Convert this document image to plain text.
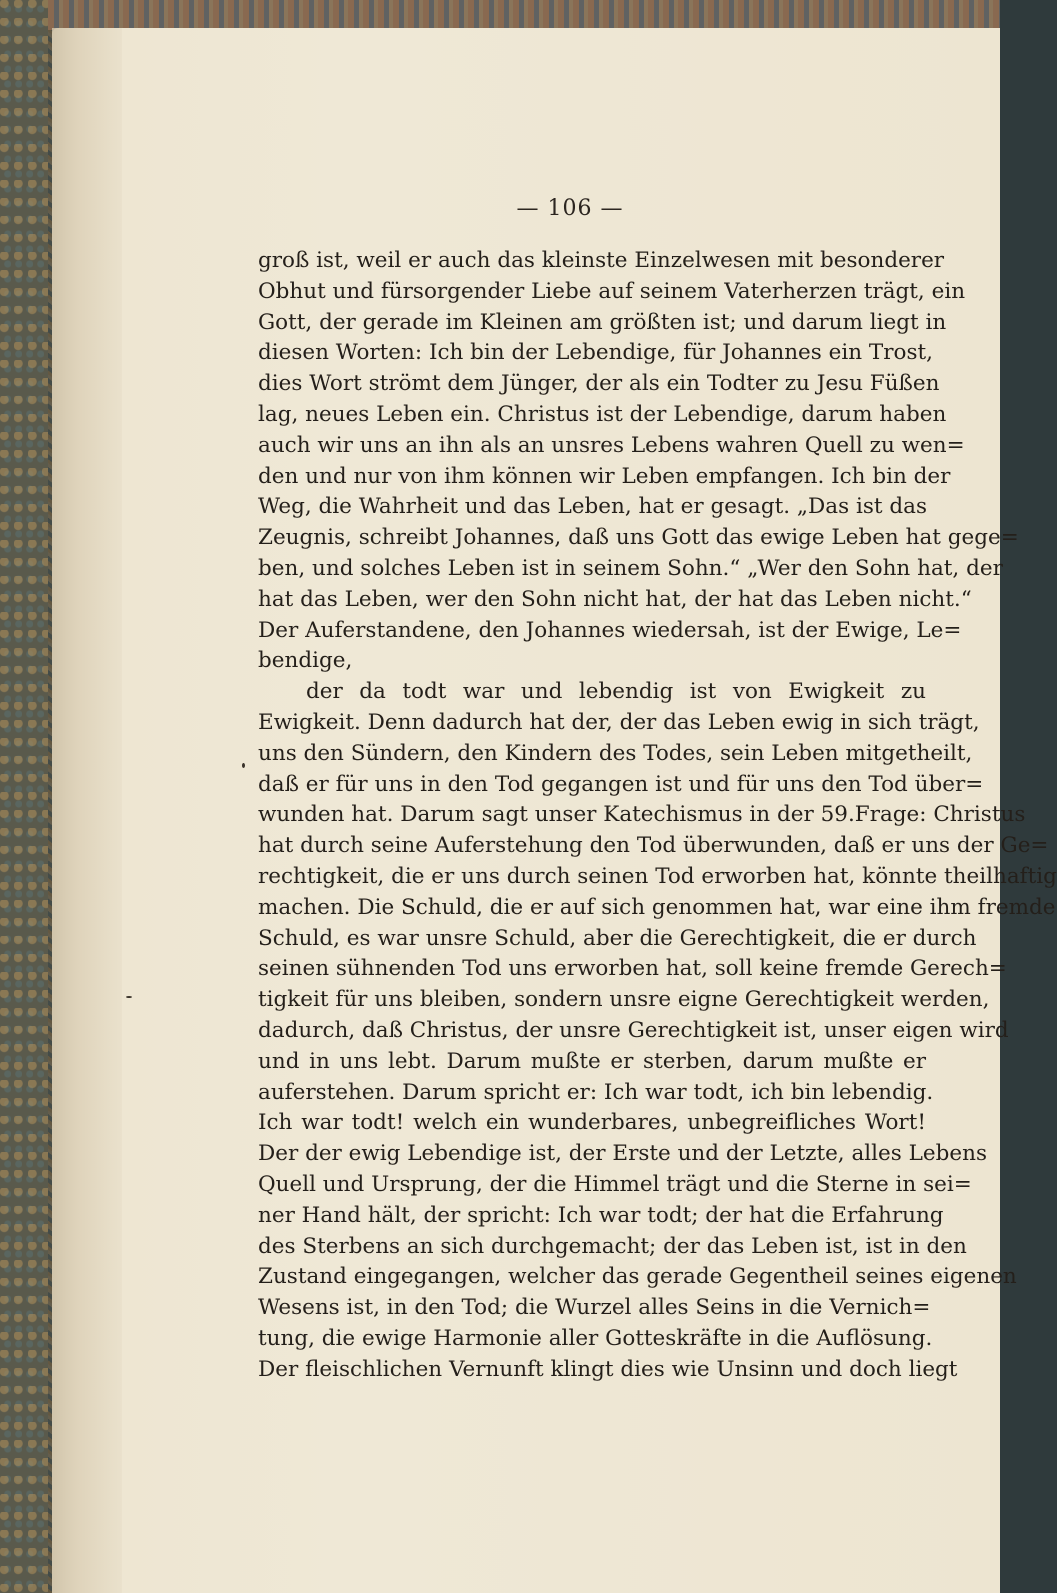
— 106 —
groß ist, weil er auch das kleinste Einzelwesen mit besonderer
Obhut und fürsorgender Liebe auf seinem Vaterherzen trägt, ein
Gott, der gerade im Kleinen am größten ist; und darum liegt in
diesen Worten: Ich bin der Lebendige, für Johannes ein Trost,
dies Wort strömt dem Jünger, der als ein Todter zu Jesu Füßen
lag, neues Leben ein. Christus ist der Lebendige, darum haben
auch wir uns an ihn als an unsres Lebens wahren Quell zu wen=
den und nur von ihm können wir Leben empfangen. Ich bin der
Weg, die Wahrheit und das Leben, hat er gesagt. „Das ist das
Zeugnis, schreibt Johannes, daß uns Gott das ewige Leben hat gege=
ben, und solches Leben ist in seinem Sohn.“ „Wer den Sohn hat, der
hat das Leben, wer den Sohn nicht hat, der hat das Leben nicht.“
Der Auferstandene, den Johannes wiedersah, ist der Ewige, Le=
bendige,
der da todt war und lebendig ist von Ewigkeit zu
Ewigkeit. Denn dadurch hat der, der das Leben ewig in sich trägt,
uns den Sündern, den Kindern des Todes, sein Leben mitgetheilt,
daß er für uns in den Tod gegangen ist und für uns den Tod über=
wunden hat. Darum sagt unser Katechismus in der 59.Frage: Christus
hat durch seine Auferstehung den Tod überwunden, daß er uns der Ge=
rechtigkeit, die er uns durch seinen Tod erworben hat, könnte theilhaftig
machen. Die Schuld, die er auf sich genommen hat, war eine ihm fremde
Schuld, es war unsre Schuld, aber die Gerechtigkeit, die er durch
seinen sühnenden Tod uns erworben hat, soll keine fremde Gerech=
tigkeit für uns bleiben, sondern unsre eigne Gerechtigkeit werden,
dadurch, daß Christus, der unsre Gerechtigkeit ist, unser eigen wird
und in uns lebt. Darum mußte er sterben, darum mußte er
auferstehen. Darum spricht er: Ich war todt, ich bin lebendig.
Ich war todt! welch ein wunderbares, unbegreifliches Wort!
Der der ewig Lebendige ist, der Erste und der Letzte, alles Lebens
Quell und Ursprung, der die Himmel trägt und die Sterne in sei=
ner Hand hält, der spricht: Ich war todt; der hat die Erfahrung
des Sterbens an sich durchgemacht; der das Leben ist, ist in den
Zustand eingegangen, welcher das gerade Gegentheil seines eigenen
Wesens ist, in den Tod; die Wurzel alles Seins in die Vernich=
tung, die ewige Harmonie aller Gotteskräfte in die Auflösung.
Der fleischlichen Vernunft klingt dies wie Unsinn und doch liegt
